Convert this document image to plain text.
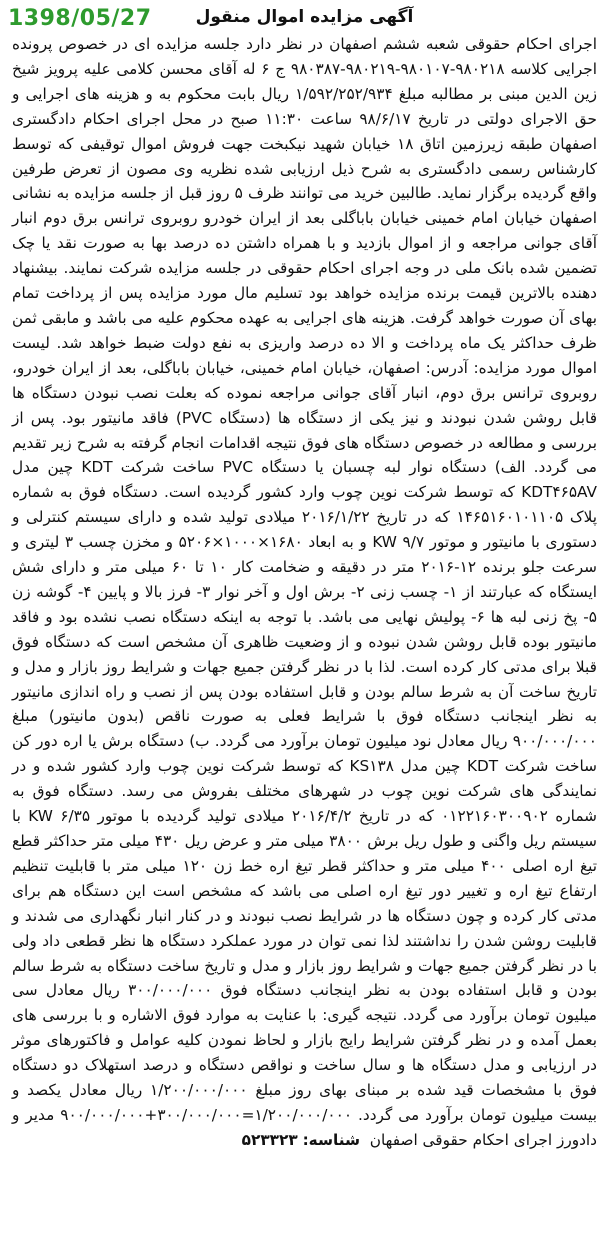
1398/05/27	آگهی مزایده اموال منقول

اجرای احکام حقوقی شعبه ششم اصفهان در نظر دارد جلسه مزایده ای در خصوص پرونده اجرایی کلاسه ۹۸۰۲۱۸-۹۸۰۱۰۷-۹۸۰۲۱۹-۹۸۰۳۸۷ ج ۶ له آقای محسن کلامی علیه پرویز شیخ زین الدین مبنی بر مطالبه مبلغ ۱/۵۹۲/۲۵۲/۹۳۴ ریال بابت محکوم به و هزینه های اجرایی و حق الاجرای دولتی در تاریخ ۹۸/۶/۱۷ ساعت ۱۱:۳۰ صبح در محل اجرای احکام دادگستری اصفهان طبقه زیرزمین اتاق ۱۸ خیابان شهید نیکبخت جهت فروش اموال توقیفی که توسط کارشناس رسمی دادگستری به شرح ذیل ارزیابی شده نظریه وی مصون از تعرض طرفین واقع گردیده برگزار نماید. طالبین خرید می توانند ظرف ۵ روز قبل از جلسه مزایده به نشانی اصفهان خیابان امام خمینی خیابان باباگلی بعد از ایران خودرو روبروی ترانس برق دوم انبار آقای جوانی مراجعه و از اموال بازدید و با همراه داشتن ده درصد بها به صورت نقد یا چک تضمین شده بانک ملی در وجه اجرای احکام حقوقی در جلسه مزایده شرکت نمایند. بیشنهاد دهنده بالاترین قیمت برنده مزایده خواهد بود تسلیم مال مورد مزایده پس از پرداخت تمام بهای آن صورت خواهد گرفت. هزینه های اجرایی به عهده محکوم علیه می باشد و مابقی ثمن ظرف حداکثر یک ماه پرداخت و الا ده درصد واریزی به نفع دولت ضبط خواهد شد. لیست اموال مورد مزایده: آدرس: اصفهان، خیابان امام خمینی، خیابان باباگلی، بعد از ایران خودرو، روبروی ترانس برق دوم، انبار آقای جوانی مراجعه نموده که بعلت نصب نبودن دستگاه ها قابل روشن شدن نبودند و نیز یکی از دستگاه ها (دستگاه PVC) فاقد مانیتور بود. پس از بررسی و مطالعه در خصوص دستگاه های فوق نتیجه اقدامات انجام گرفته به شرح زیر تقدیم می گردد. الف) دستگاه نوار لبه چسبان یا دستگاه PVC ساخت شرکت KDT چین مدل KDT۴۶۵AV که توسط شرکت نوین چوب وارد کشور گردیده است. دستگاه فوق به شماره پلاک ۱۴۶۵۱۶۰۱۰۱۱۰۵ که در تاریخ ۲۰۱۶/۱/۲۲ میلادی تولید شده و دارای سیستم کنترلی و دستوری با مانیتور و موتور KW ۹/۷ و به ابعاد ۱۶۸۰×۱۰۰۰×۵۲۰۶ و مخزن چسب ۳ لیتری و سرعت جلو برنده ۱۲-۲۰۱۶ متر در دقیقه و ضخامت کار ۱۰ تا ۶۰ میلی متر و دارای شش ایستگاه که عبارتند از ۱- چسب زنی ۲- برش اول و آخر نوار ۳- فرز بالا و پایین ۴- گوشه زن ۵- پخ زنی لبه ها ۶- پولیش نهایی می باشد. با توجه به اینکه دستگاه نصب نشده بود و فاقد مانیتور بوده قابل روشن شدن نبوده و از وضعیت ظاهری آن مشخص است که دستگاه فوق قبلا برای مدتی کار کرده است. لذا با در نظر گرفتن جمیع جهات و شرایط روز بازار و مدل و تاریخ ساخت آن به شرط سالم بودن و قابل استفاده بودن پس از نصب و راه اندازی مانیتور به نظر اینجانب دستگاه فوق با شرایط فعلی به صورت ناقص (بدون مانیتور) مبلغ ۹۰۰/۰۰۰/۰۰۰ ریال معادل نود میلیون تومان برآورد می گردد. ب) دستگاه برش یا اره دور کن ساخت شرکت KDT چین مدل KS۱۳۸ که توسط شرکت نوین چوب وارد کشور شده و در نمایندگی های شرکت نوین چوب در شهرهای مختلف بفروش می رسد. دستگاه فوق به شماره ۰۱۲۲۱۶۰۳۰۰۹۰۲ که در تاریخ ۲۰۱۶/۴/۲ میلادی تولید گردیده با موتور KW ۶/۳۵ با سیستم ریل واگنی و طول ریل برش ۳۸۰۰ میلی متر و عرض ریل ۴۳۰ میلی متر حداکثر قطع تیغ اره اصلی ۴۰۰ میلی متر و حداکثر قطر تیغ اره خط زن ۱۲۰ میلی متر با قابلیت تنظیم ارتفاع تیغ اره و تغییر دور تیغ اره اصلی می باشد که مشخص است این دستگاه هم برای مدتی کار کرده و چون دستگاه ها در شرایط نصب نبودند و در کنار انبار نگهداری می شدند و قابلیت روشن شدن را نداشتند لذا نمی توان در مورد عملکرد دستگاه ها نظر قطعی داد ولی با در نظر گرفتن جمیع جهات و شرایط روز بازار و مدل و تاریخ ساخت دستگاه به شرط سالم بودن و قابل استفاده بودن به نظر اینجانب دستگاه فوق ۳۰۰/۰۰۰/۰۰۰ ریال معادل سی میلیون تومان برآورد می گردد. نتیجه گیری: با عنایت به موارد فوق الاشاره و با بررسی های بعمل آمده و در نظر گرفتن شرایط رایج بازار و لحاظ نمودن کلیه عوامل و فاکتورهای موثر در ارزیابی و مدل دستگاه ها و سال ساخت و نواقص دستگاه و درصد استهلاک دو دستگاه فوق با مشخصات قید شده بر مبنای بهای روز مبلغ ۱/۲۰۰/۰۰۰/۰۰۰ ریال معادل یکصد و بیست میلیون تومان برآورد می گردد. ۱/۲۰۰/۰۰۰/۰۰۰=۳۰۰/۰۰۰/۰۰۰+۹۰۰/۰۰۰/۰۰۰ مدیر و دادورز اجرای احکام حقوقی اصفهان  شناسه: ۵۲۳۳۲۳
